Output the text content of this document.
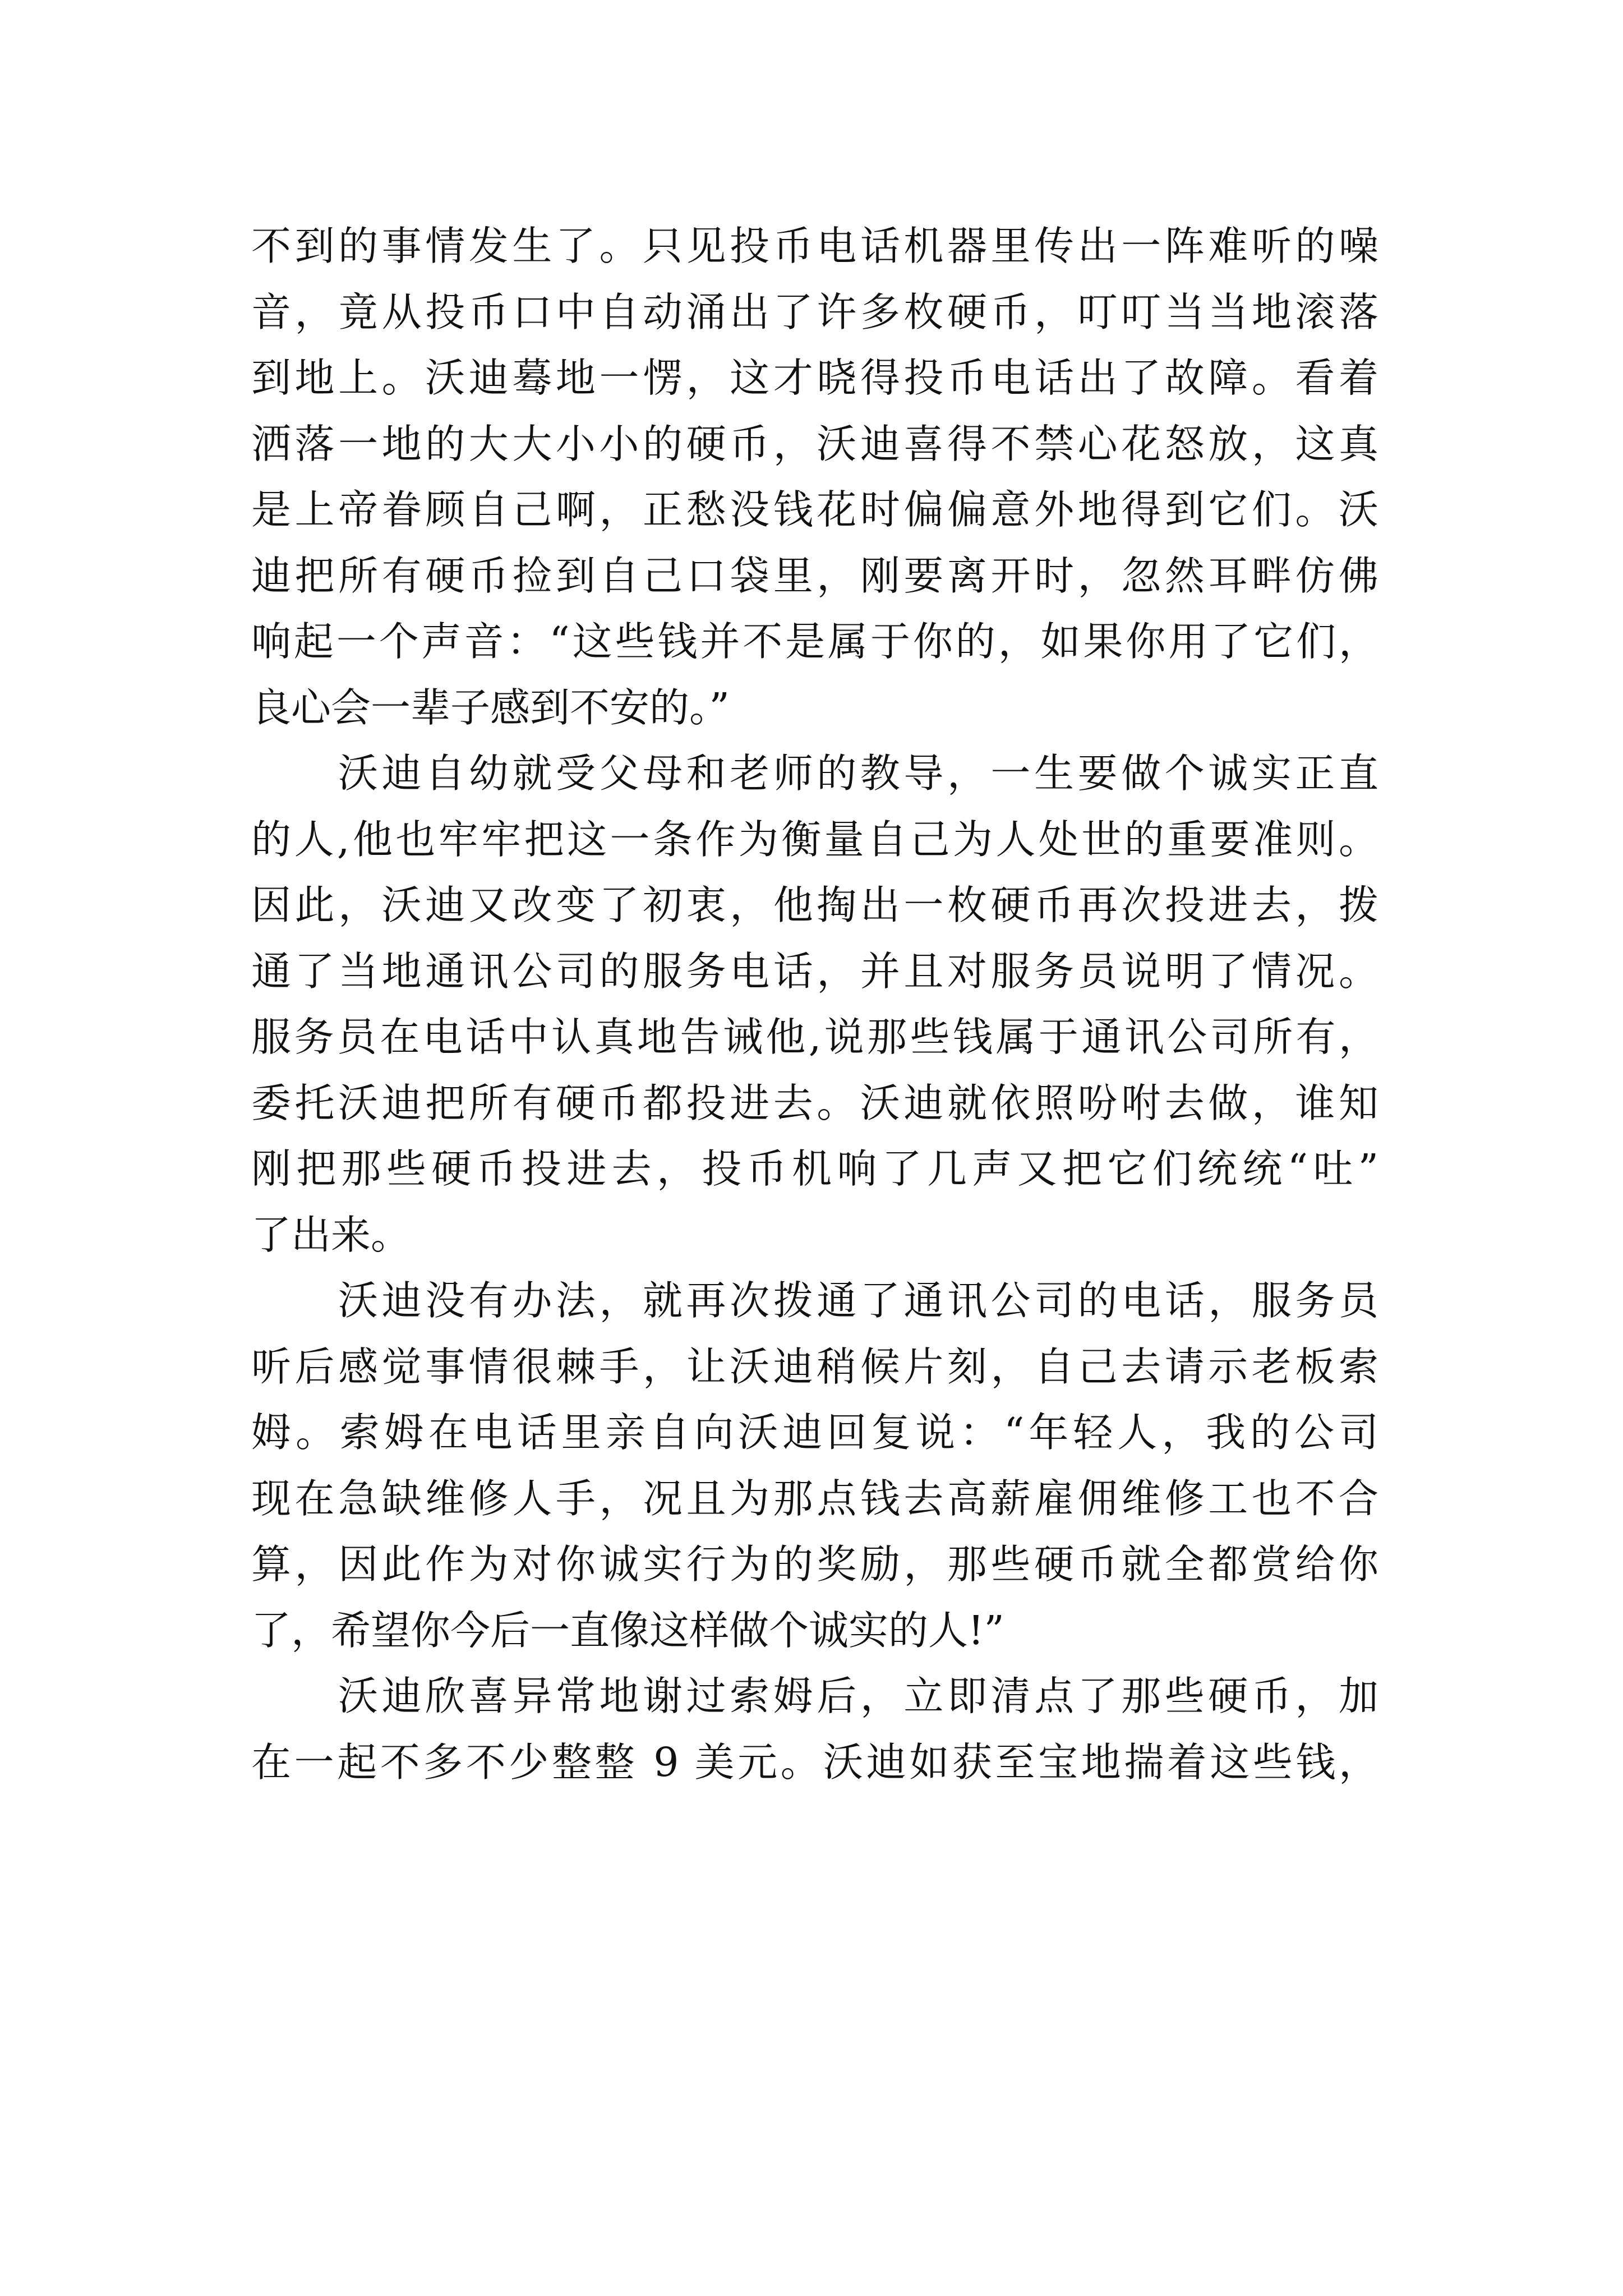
不到的事情发生了。只见投币电话机器里传出一阵难听的噪
音，竟从投币口中自动涌出了许多枚硬币，叮叮当当地滚落
到地上。沃迪蓦地一愣，这才晓得投币电话出了故障。看着
洒落一地的大大小小的硬币，沃迪喜得不禁心花怒放，这真
是上帝眷顾自己啊，正愁没钱花时偏偏意外地得到它们。沃
迪把所有硬币捡到自己口袋里，刚要离开时，忽然耳畔仿佛
响起一个声音：“这些钱并不是属于你的，如果你用了它们，
良心会一辈子感到不安的。”
　　沃迪自幼就受父母和老师的教导，一生要做个诚实正直
的人,他也牢牢把这一条作为衡量自己为人处世的重要准则。
因此，沃迪又改变了初衷，他掏出一枚硬币再次投进去，拨
通了当地通讯公司的服务电话，并且对服务员说明了情况。
服务员在电话中认真地告诫他,说那些钱属于通讯公司所有，
委托沃迪把所有硬币都投进去。沃迪就依照吩咐去做，谁知
刚把那些硬币投进去，投币机响了几声又把它们统统“吐”
了出来。
　　沃迪没有办法，就再次拨通了通讯公司的电话，服务员
听后感觉事情很棘手，让沃迪稍候片刻，自己去请示老板索
姆。索姆在电话里亲自向沃迪回复说：“年轻人，我的公司
现在急缺维修人手，况且为那点钱去高薪雇佣维修工也不合
算，因此作为对你诚实行为的奖励，那些硬币就全都赏给你
了，希望你今后一直像这样做个诚实的人!”
　　沃迪欣喜异常地谢过索姆后，立即清点了那些硬币，加
在一起不多不少整整 9 美元。沃迪如获至宝地揣着这些钱，
